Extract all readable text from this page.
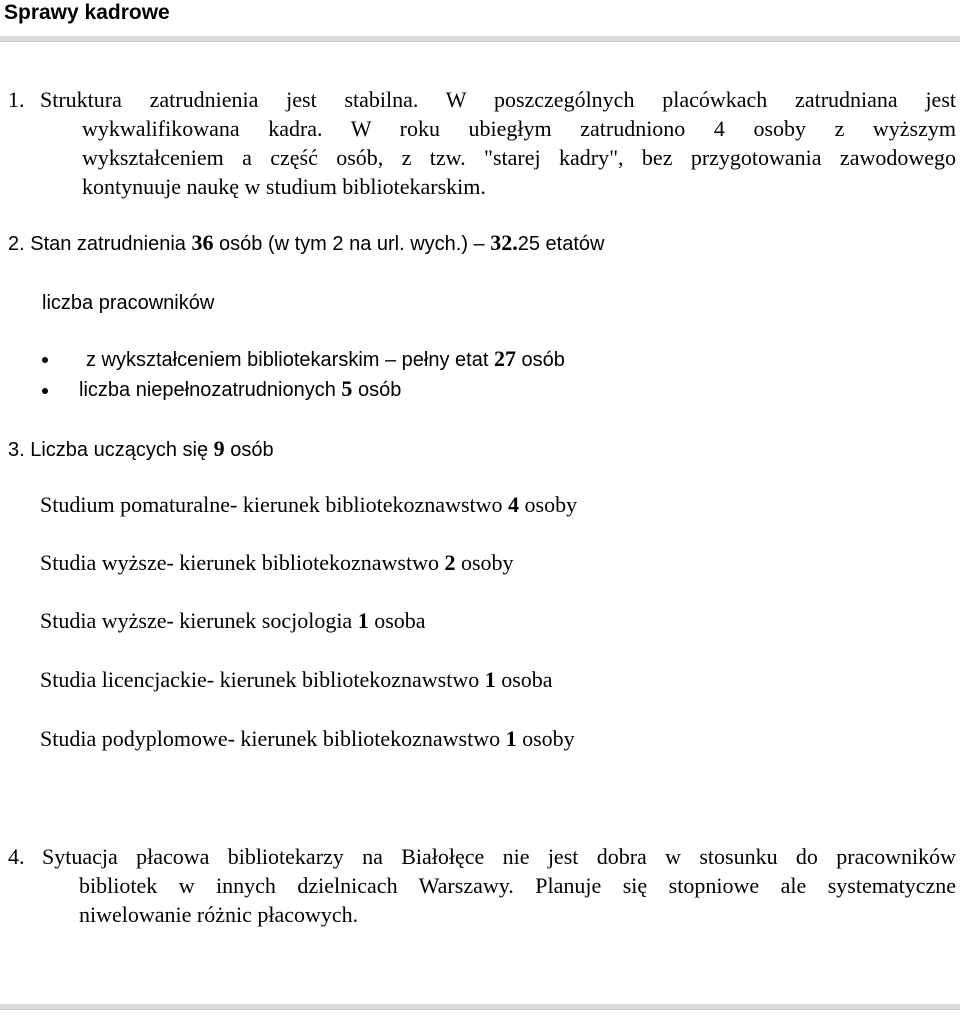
Sprawy kadrowe
1. Struktura zatrudnienia jest stabilna. W poszczególnych placówkach zatrudniana jest
wykwalifikowana kadra. W roku ubiegłym zatrudniono 4 osoby z wyższym
wykształceniem a część osób, z tzw. "starej kadry", bez przygotowania zawodowego
kontynuuje naukę w studium bibliotekarskim.
2. Stan zatrudnienia 36 osób (w tym 2 na url. wych.) – 32.25 etatów
liczba pracowników
z wykształceniem bibliotekarskim – pełny etat 27 osób
liczba niepełnozatrudnionych 5 osób
3. Liczba uczących się 9 osób
Studium pomaturalne- kierunek bibliotekoznawstwo 4 osoby
Studia wyższe- kierunek bibliotekoznawstwo 2 osoby
Studia wyższe- kierunek socjologia 1 osoba
Studia licencjackie- kierunek bibliotekoznawstwo 1 osoba
Studia podyplomowe- kierunek bibliotekoznawstwo 1 osoby
4. Sytuacja płacowa bibliotekarzy na Białołęce nie jest dobra w stosunku do pracowników
bibliotek w innych dzielnicach Warszawy. Planuje się stopniowe ale systematyczne
niwelowanie różnic płacowych.
